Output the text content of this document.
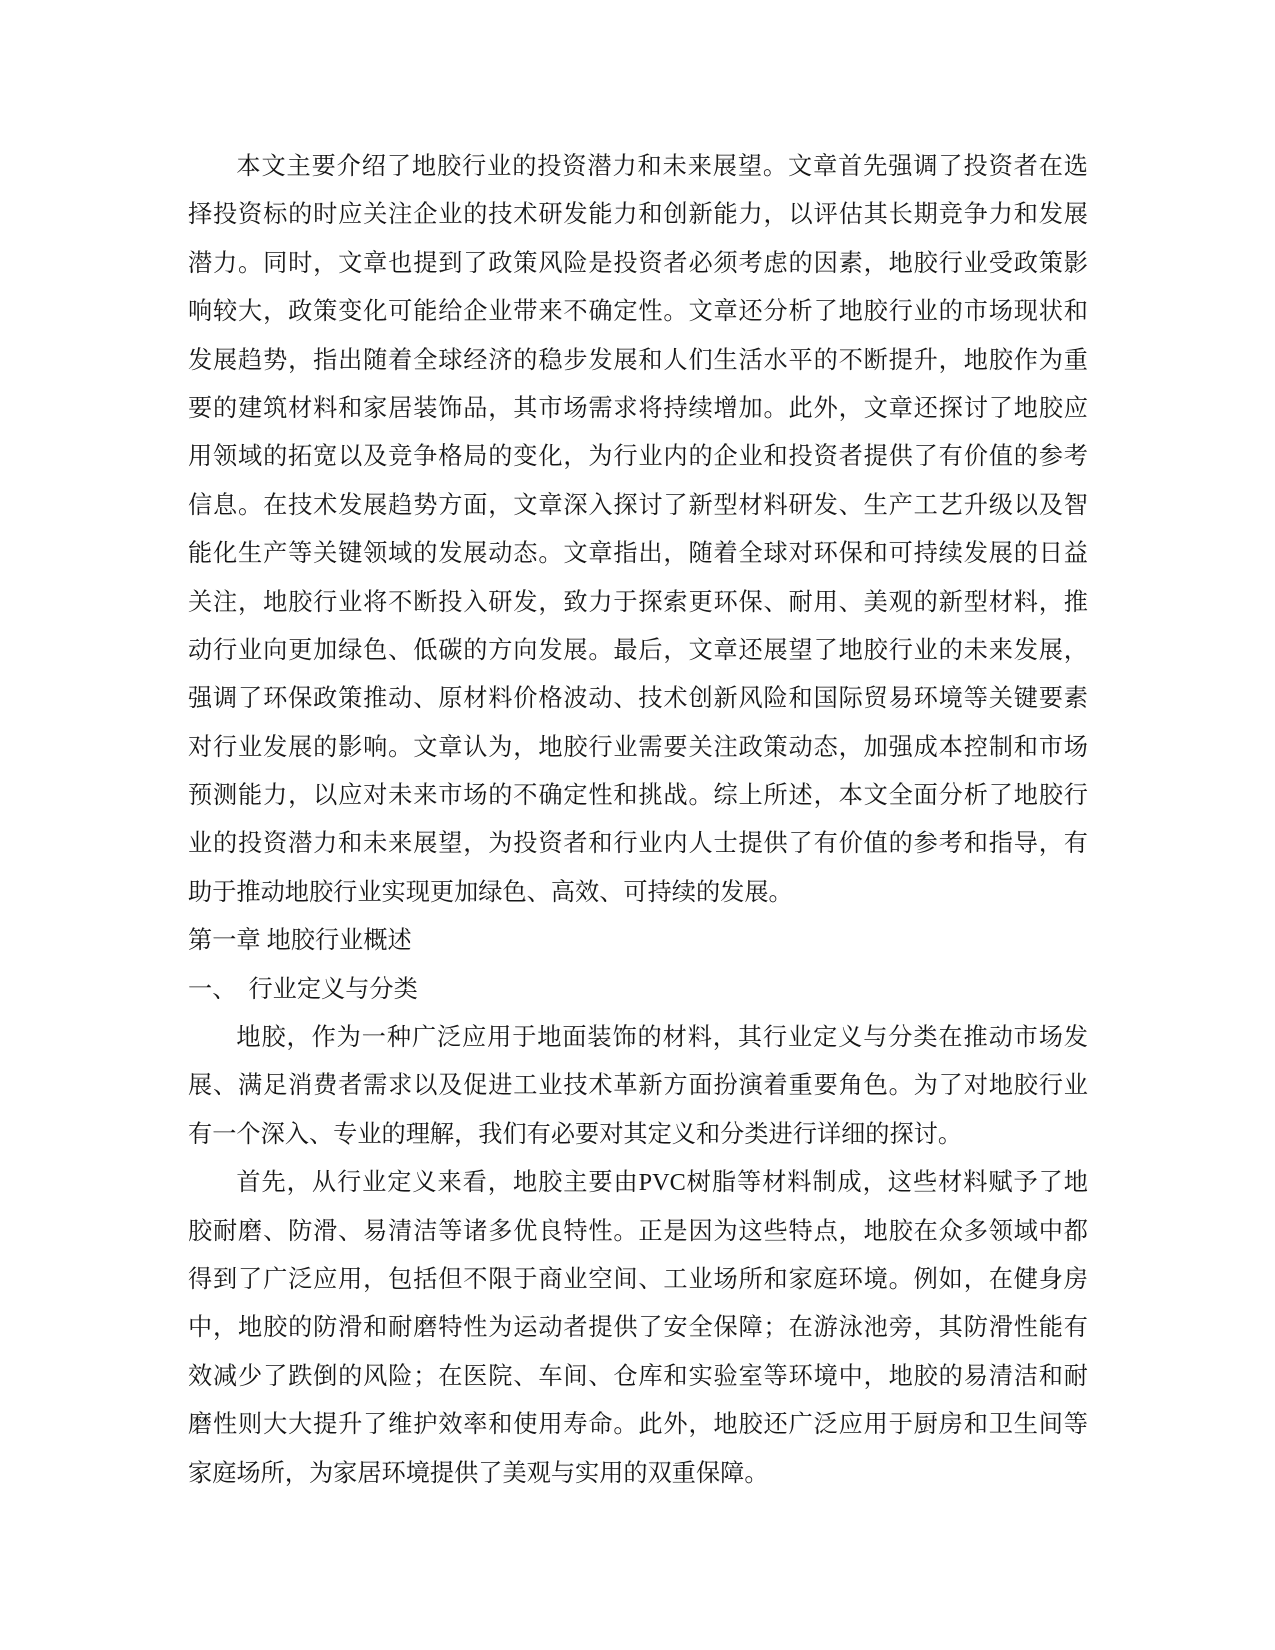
本文主要介绍了地胶行业的投资潜力和未来展望。文章首先强调了投资者在选
择投资标的时应关注企业的技术研发能力和创新能力，以评估其长期竞争力和发展
潜力。同时，文章也提到了政策风险是投资者必须考虑的因素，地胶行业受政策影
响较大，政策变化可能给企业带来不确定性。文章还分析了地胶行业的市场现状和
发展趋势，指出随着全球经济的稳步发展和人们生活水平的不断提升，地胶作为重
要的建筑材料和家居装饰品，其市场需求将持续增加。此外，文章还探讨了地胶应
用领域的拓宽以及竞争格局的变化，为行业内的企业和投资者提供了有价值的参考
信息。在技术发展趋势方面，文章深入探讨了新型材料研发、生产工艺升级以及智
能化生产等关键领域的发展动态。文章指出，随着全球对环保和可持续发展的日益
关注，地胶行业将不断投入研发，致力于探索更环保、耐用、美观的新型材料，推
动行业向更加绿色、低碳的方向发展。最后，文章还展望了地胶行业的未来发展，
强调了环保政策推动、原材料价格波动、技术创新风险和国际贸易环境等关键要素
对行业发展的影响。文章认为，地胶行业需要关注政策动态，加强成本控制和市场
预测能力，以应对未来市场的不确定性和挑战。综上所述，本文全面分析了地胶行
业的投资潜力和未来展望，为投资者和行业内人士提供了有价值的参考和指导，有
助于推动地胶行业实现更加绿色、高效、可持续的发展。
第一章 地胶行业概述
一、　行业定义与分类
地胶，作为一种广泛应用于地面装饰的材料，其行业定义与分类在推动市场发
展、满足消费者需求以及促进工业技术革新方面扮演着重要角色。为了对地胶行业
有一个深入、专业的理解，我们有必要对其定义和分类进行详细的探讨。
首先，从行业定义来看，地胶主要由PVC树脂等材料制成，这些材料赋予了地
胶耐磨、防滑、易清洁等诸多优良特性。正是因为这些特点，地胶在众多领域中都
得到了广泛应用，包括但不限于商业空间、工业场所和家庭环境。例如，在健身房
中，地胶的防滑和耐磨特性为运动者提供了安全保障；在游泳池旁，其防滑性能有
效减少了跌倒的风险；在医院、车间、仓库和实验室等环境中，地胶的易清洁和耐
磨性则大大提升了维护效率和使用寿命。此外，地胶还广泛应用于厨房和卫生间等
家庭场所，为家居环境提供了美观与实用的双重保障。
